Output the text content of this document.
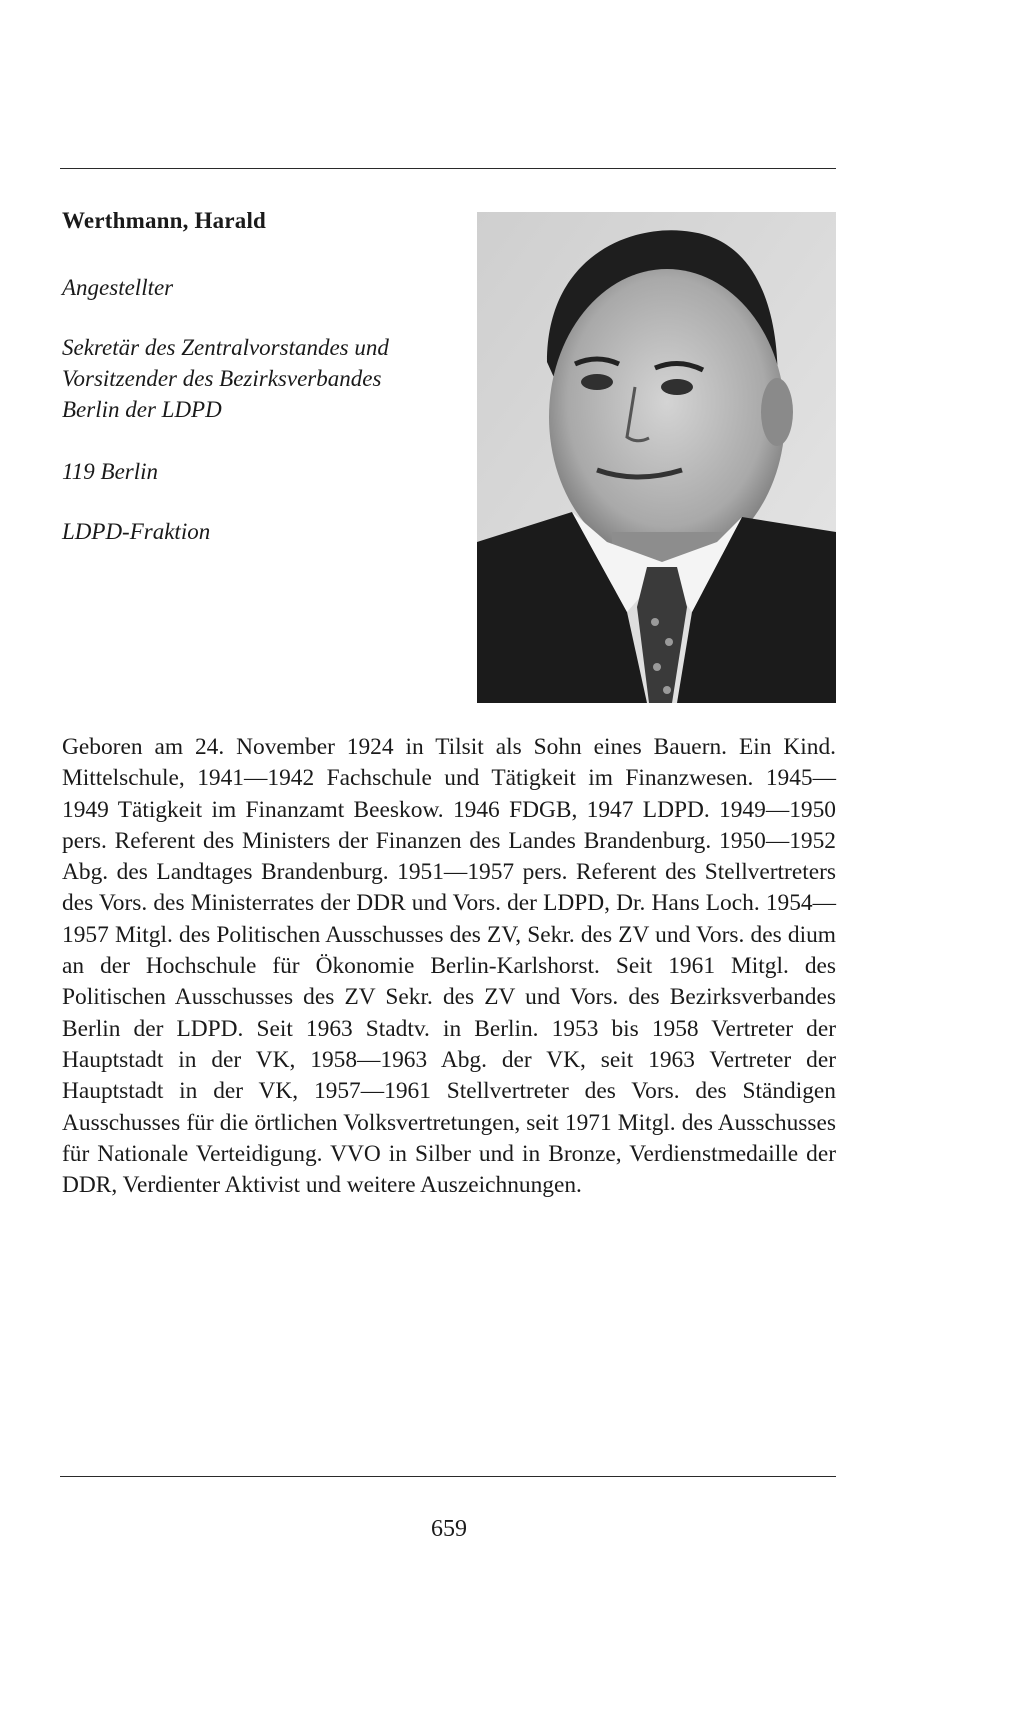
Werthmann, Harald
Angestellter
Sekretär des Zentralvorstandes und Vorsitzender des Bezirksverbandes Berlin der LDPD
119 Berlin
LDPD-Fraktion

Geboren am 24. November 1924 in Tilsit als Sohn eines Bauern. Ein Kind. Mittelschule, 1941—1942 Fachschule und Tätigkeit im Finanzwesen. 1945—1949 Tätigkeit im Finanzamt Beeskow. 1946 FDGB, 1947 LDPD. 1949—1950 pers. Referent des Ministers der Finanzen des Landes Brandenburg. 1950—1952 Abg. des Landtages Brandenburg. 1951—1957 pers. Referent des Stellvertreters des Vors. des Ministerrates der DDR und Vors. der LDPD, Dr. Hans Loch. 1954—1957 Mitgl. des Politischen Ausschusses des ZV, Sekr. des ZV und Vors. des dium an der Hochschule für Ökonomie Berlin-Karlshorst. Seit 1961 Mitgl. des Politischen Ausschusses des ZV Sekr. des ZV und Vors. des Bezirksverbandes Berlin der LDPD. Seit 1963 Stadtv. in Berlin. 1953 bis 1958 Vertreter der Hauptstadt in der VK, 1958—1963 Abg. der VK, seit 1963 Vertreter der Hauptstadt in der VK, 1957—1961 Stellvertreter des Vors. des Ständigen Ausschusses für die örtlichen Volksvertretungen, seit 1971 Mitgl. des Ausschusses für Nationale Verteidigung. VVO in Silber und in Bronze, Verdienstmedaille der DDR, Verdienter Aktivist und weitere Auszeichnungen.

659
